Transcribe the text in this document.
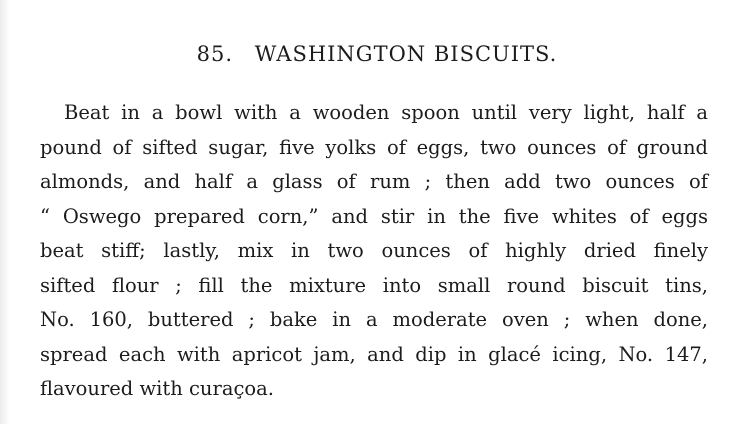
85. WASHINGTON BISCUITS.
Beat in a bowl with a wooden spoon until very light, half a
pound of sifted sugar, five yolks of eggs, two ounces of ground
almonds, and half a glass of rum ; then add two ounces of
“ Oswego prepared corn,” and stir in the five whites of eggs
beat stiff; lastly, mix in two ounces of highly dried finely
sifted flour ; fill the mixture into small round biscuit tins,
No. 160, buttered ; bake in a moderate oven ; when done,
spread each with apricot jam, and dip in glacé icing, No. 147,
flavoured with curaçoa.
